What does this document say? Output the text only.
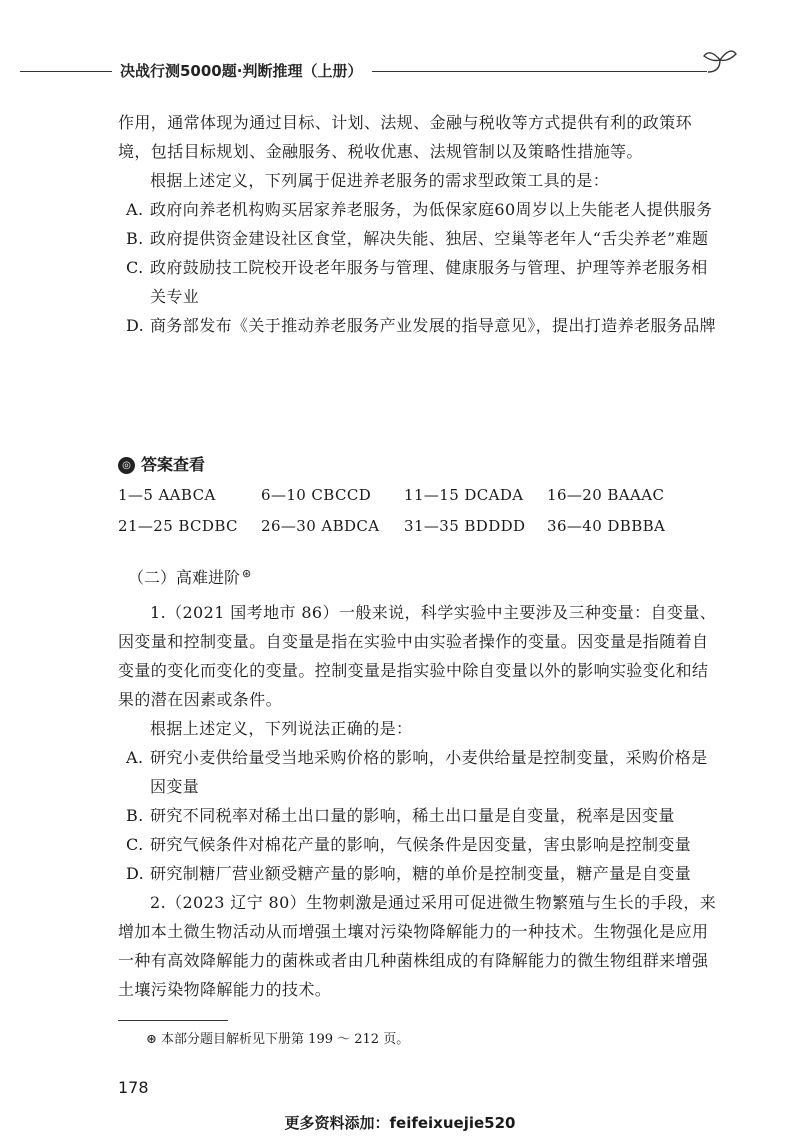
决战行测5000题·判断推理（上册）

作用，通常体现为通过目标、计划、法规、金融与税收等方式提供有利的政策环境，包括目标规划、金融服务、税收优惠、法规管制以及策略性措施等。

根据上述定义，下列属于促进养老服务的需求型政策工具的是：

A. 政府向养老机构购买居家养老服务，为低保家庭60周岁以上失能老人提供服务

B. 政府提供资金建设社区食堂，解决失能、独居、空巢等老年人“舌尖养老”难题

C. 政府鼓励技工院校开设老年服务与管理、健康服务与管理、护理等养老服务相关专业

D. 商务部发布《关于推动养老服务产业发展的指导意见》，提出打造养老服务品牌

◎ 答案查看
1—5 AABCA	6—10 CBCCD	11—15 DCADA	16—20 BAAAC
21—25 BCDBC	26—30 ABDCA	31—35 BDDDD	36—40 DBBBA
（二）高难进阶 ⊛

1.（2021 国考地市 86）一般来说，科学实验中主要涉及三种变量：自变量、因变量和控制变量。自变量是指在实验中由实验者操作的变量。因变量是指随着自变量的变化而变化的变量。控制变量是指实验中除自变量以外的影响实验变化和结果的潜在因素或条件。

根据上述定义，下列说法正确的是：

A. 研究小麦供给量受当地采购价格的影响，小麦供给量是控制变量，采购价格是因变量

B. 研究不同税率对稀土出口量的影响，稀土出口量是自变量，税率是因变量

C. 研究气候条件对棉花产量的影响，气候条件是因变量，害虫影响是控制变量

D. 研究制糖厂营业额受糖产量的影响，糖的单价是控制变量，糖产量是自变量

2.（2023 辽宁 80）生物刺激是通过采用可促进微生物繁殖与生长的手段，来增加本土微生物活动从而增强土壤对污染物降解能力的一种技术。生物强化是应用一种有高效降解能力的菌株或者由几种菌株组成的有降解能力的微生物组群来增强土壤污染物降解能力的技术。

⊛ 本部分题目解析见下册第 199 ～ 212 页。
178
更多资料添加：feifeixuejie520
